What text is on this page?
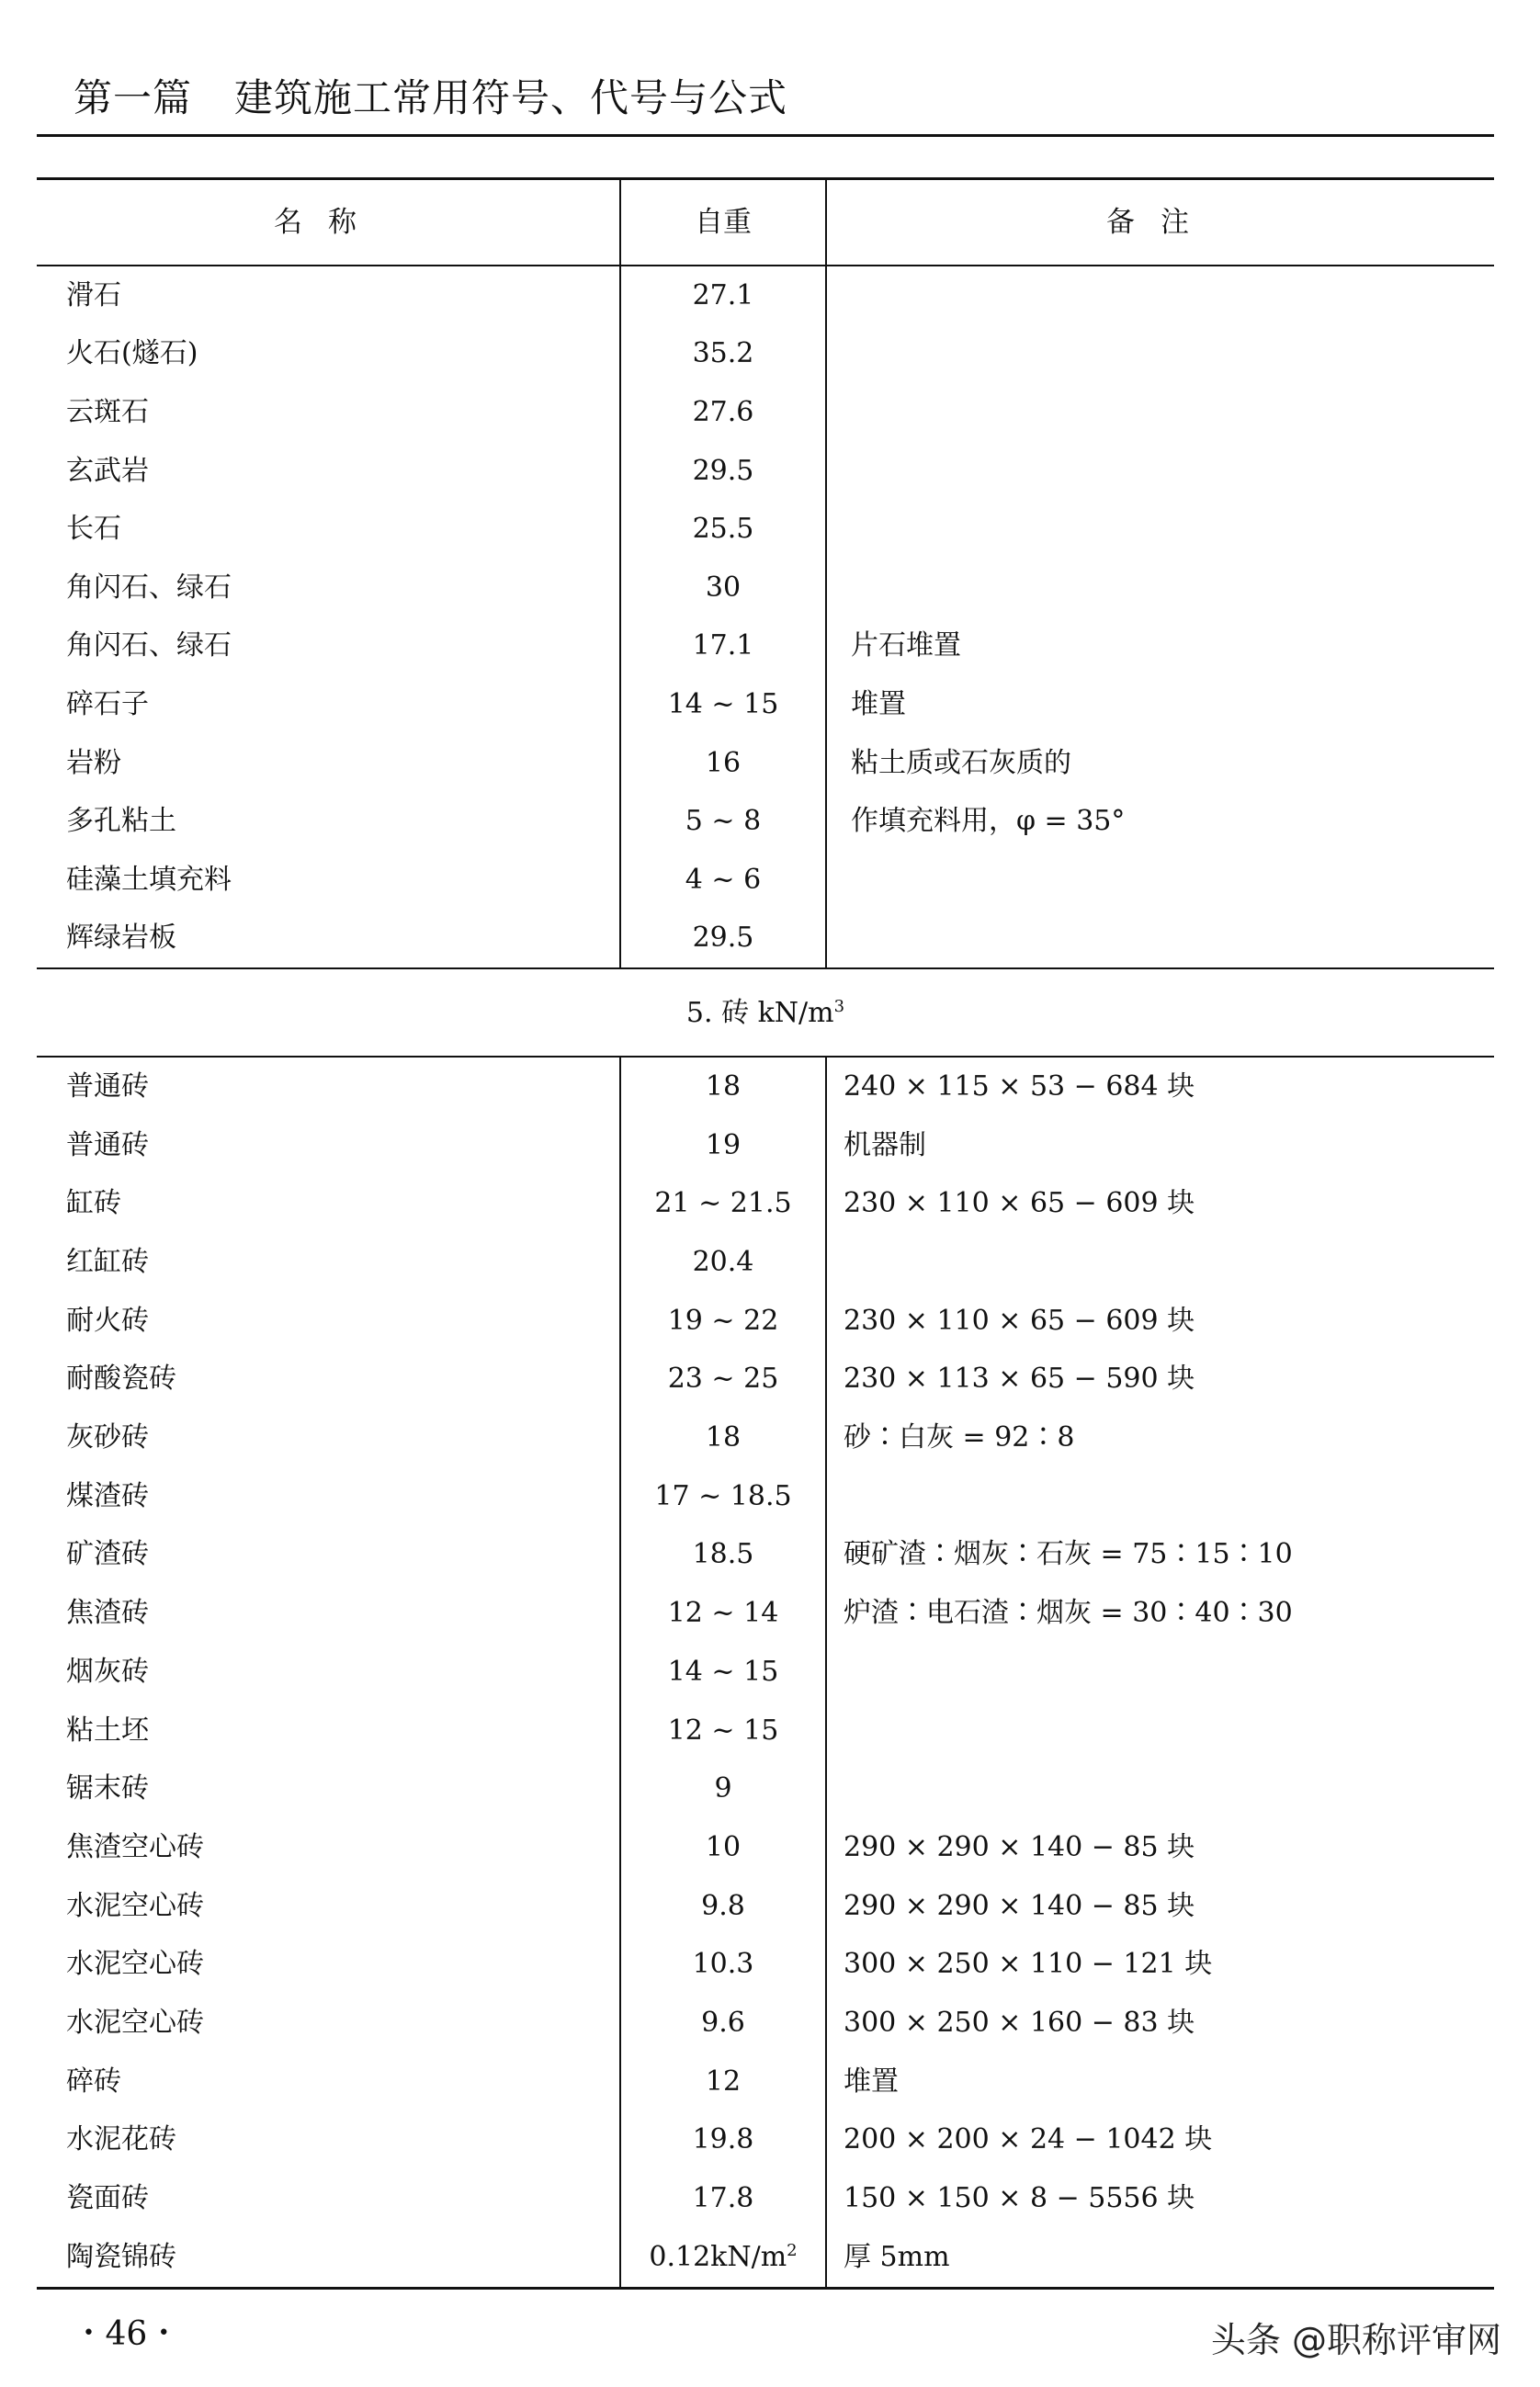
第一篇 建筑施工常用符号、代号与公式
名称	自重	备注
滑石	27.1	
火石(燧石)	35.2	
云斑石	27.6	
玄武岩	29.5	
长石	25.5	
角闪石、绿石	30	
角闪石、绿石	17.1	片石堆置
碎石子	14 ~ 15	堆置
岩粉	16	粘土质或石灰质的
多孔粘土	5 ~ 8	作填充料用，φ = 35°
硅藻土填充料	4 ~ 6	
辉绿岩板	29.5	
5. 砖 $kN/m^3$
普通砖	18	240 × 115 × 53 − 684 块
普通砖	19	机器制
缸砖	21 ~ 21.5	230 × 110 × 65 − 609 块
红缸砖	20.4	
耐火砖	19 ~ 22	230 × 110 × 65 − 609 块
耐酸瓷砖	23 ~ 25	230 × 113 × 65 − 590 块
灰砂砖	18	砂∶白灰 = 92∶8
煤渣砖	17 ~ 18.5	
矿渣砖	18.5	硬矿渣∶烟灰∶石灰 = 75∶15∶10
焦渣砖	12 ~ 14	炉渣∶电石渣∶烟灰 = 30∶40∶30
烟灰砖	14 ~ 15	
粘土坯	12 ~ 15	
锯末砖	9	
焦渣空心砖	10	290 × 290 × 140 − 85 块
水泥空心砖	9.8	290 × 290 × 140 − 85 块
水泥空心砖	10.3	300 × 250 × 110 − 121 块
水泥空心砖	9.6	300 × 250 × 160 − 83 块
碎砖	12	堆置
水泥花砖	19.8	200 × 200 × 24 − 1042 块
瓷面砖	17.8	150 × 150 × 8 − 5556 块
陶瓷锦砖	$0.12kN/m^2$	厚 5mm
• 46 •	头条 @职称评审网
